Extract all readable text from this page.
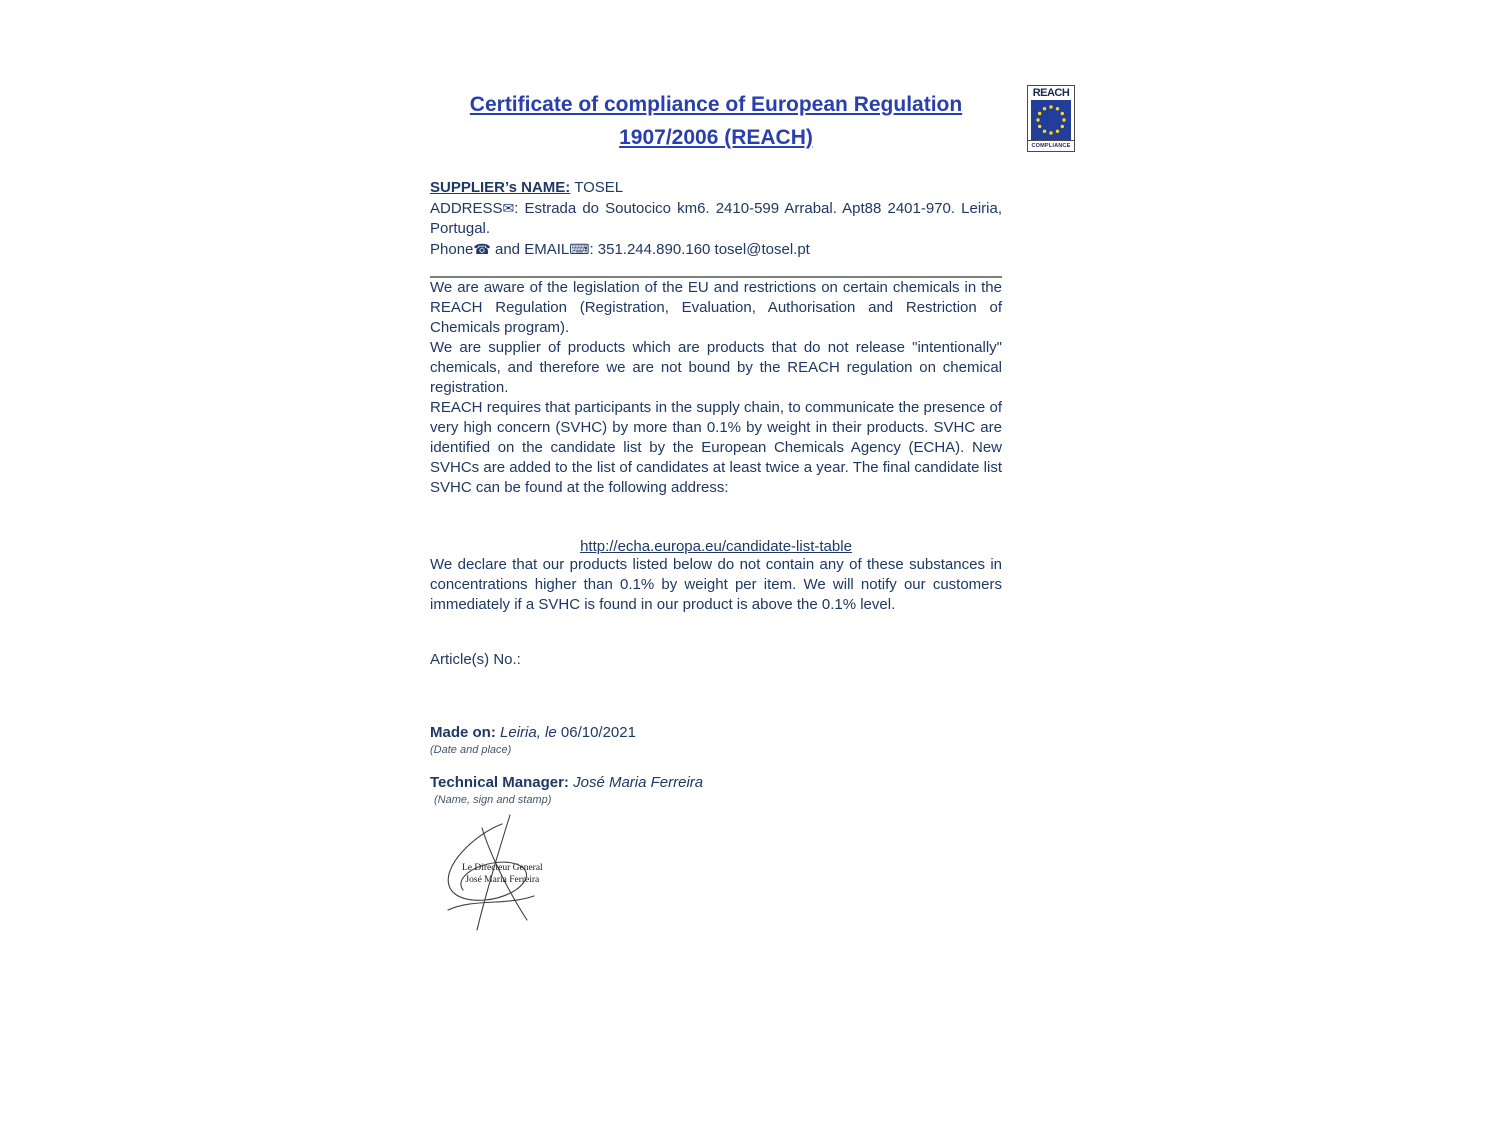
REACH
COMPLIANCE
Certificate of compliance of European Regulation
1907/2006 (REACH)
SUPPLIER’s NAME: TOSEL
ADDRESS✉: Estrada do Soutocico km6. 2410-599 Arrabal. Apt88 2401-970. Leiria, Portugal.
Phone☎ and EMAIL⌨: 351.244.890.160 tosel@tosel.pt

We are aware of the legislation of the EU and restrictions on certain chemicals in the REACH Regulation (Registration, Evaluation, Authorisation and Restriction of Chemicals program).

We are supplier of products which are products that do not release "intentionally" chemicals, and therefore we are not bound by the REACH regulation on chemical registration.

REACH requires that participants in the supply chain, to communicate the presence of very high concern (SVHC) by more than 0.1% by weight in their products. SVHC are identified on the candidate list by the European Chemicals Agency (ECHA). New SVHCs are added to the list of candidates at least twice a year. The final candidate list SVHC can be found at the following address:

http://echa.europa.eu/candidate-list-table

We declare that our products listed below do not contain any of these substances in concentrations higher than 0.1% by weight per item. We will notify our customers immediately if a SVHC is found in our product is above the 0.1% level.

Article(s) No.:
Made on: Leiria, le 06/10/2021
(Date and place)
Technical Manager: José Maria Ferreira
(Name, sign and stamp)
Le Directeur General
José Maria Ferreira
